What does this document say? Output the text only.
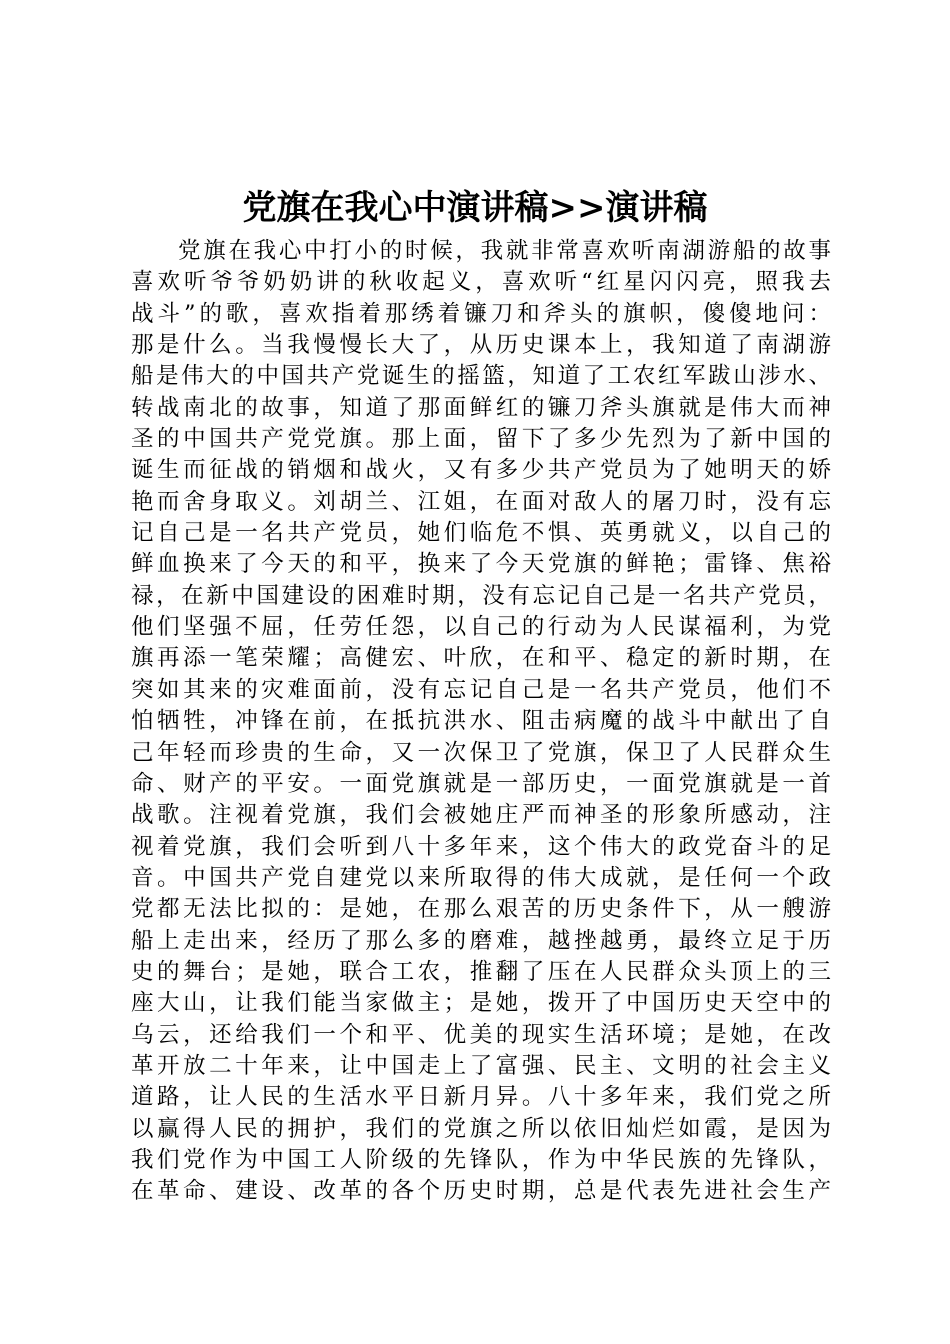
党旗在我心中演讲稿>>演讲稿
党旗在我心中打小的时候，我就非常喜欢听南湖游船的故事
喜欢听爷爷奶奶讲的秋收起义，喜欢听“红星闪闪亮，照我去
战斗”的歌，喜欢指着那绣着镰刀和斧头的旗帜，傻傻地问：
那是什么。当我慢慢长大了，从历史课本上，我知道了南湖游
船是伟大的中国共产党诞生的摇篮，知道了工农红军跋山涉水、
转战南北的故事，知道了那面鲜红的镰刀斧头旗就是伟大而神
圣的中国共产党党旗。那上面，留下了多少先烈为了新中国的
诞生而征战的销烟和战火，又有多少共产党员为了她明天的娇
艳而舍身取义。刘胡兰、江姐，在面对敌人的屠刀时，没有忘
记自己是一名共产党员，她们临危不惧、英勇就义，以自己的
鲜血换来了今天的和平，换来了今天党旗的鲜艳；雷锋、焦裕
禄，在新中国建设的困难时期，没有忘记自己是一名共产党员，
他们坚强不屈，任劳任怨，以自己的行动为人民谋福利，为党
旗再添一笔荣耀；高健宏、叶欣，在和平、稳定的新时期，在
突如其来的灾难面前，没有忘记自己是一名共产党员，他们不
怕牺牲，冲锋在前，在抵抗洪水、阻击病魔的战斗中献出了自
己年轻而珍贵的生命，又一次保卫了党旗，保卫了人民群众生
命、财产的平安。一面党旗就是一部历史，一面党旗就是一首
战歌。注视着党旗，我们会被她庄严而神圣的形象所感动，注
视着党旗，我们会听到八十多年来，这个伟大的政党奋斗的足
音。中国共产党自建党以来所取得的伟大成就，是任何一个政
党都无法比拟的：是她，在那么艰苦的历史条件下，从一艘游
船上走出来，经历了那么多的磨难，越挫越勇，最终立足于历
史的舞台；是她，联合工农，推翻了压在人民群众头顶上的三
座大山，让我们能当家做主；是她，拨开了中国历史天空中的
乌云，还给我们一个和平、优美的现实生活环境；是她，在改
革开放二十年来，让中国走上了富强、民主、文明的社会主义
道路，让人民的生活水平日新月异。八十多年来，我们党之所
以赢得人民的拥护，我们的党旗之所以依旧灿烂如霞，是因为
我们党作为中国工人阶级的先锋队，作为中华民族的先锋队，
在革命、建设、改革的各个历史时期，总是代表先进社会生产
